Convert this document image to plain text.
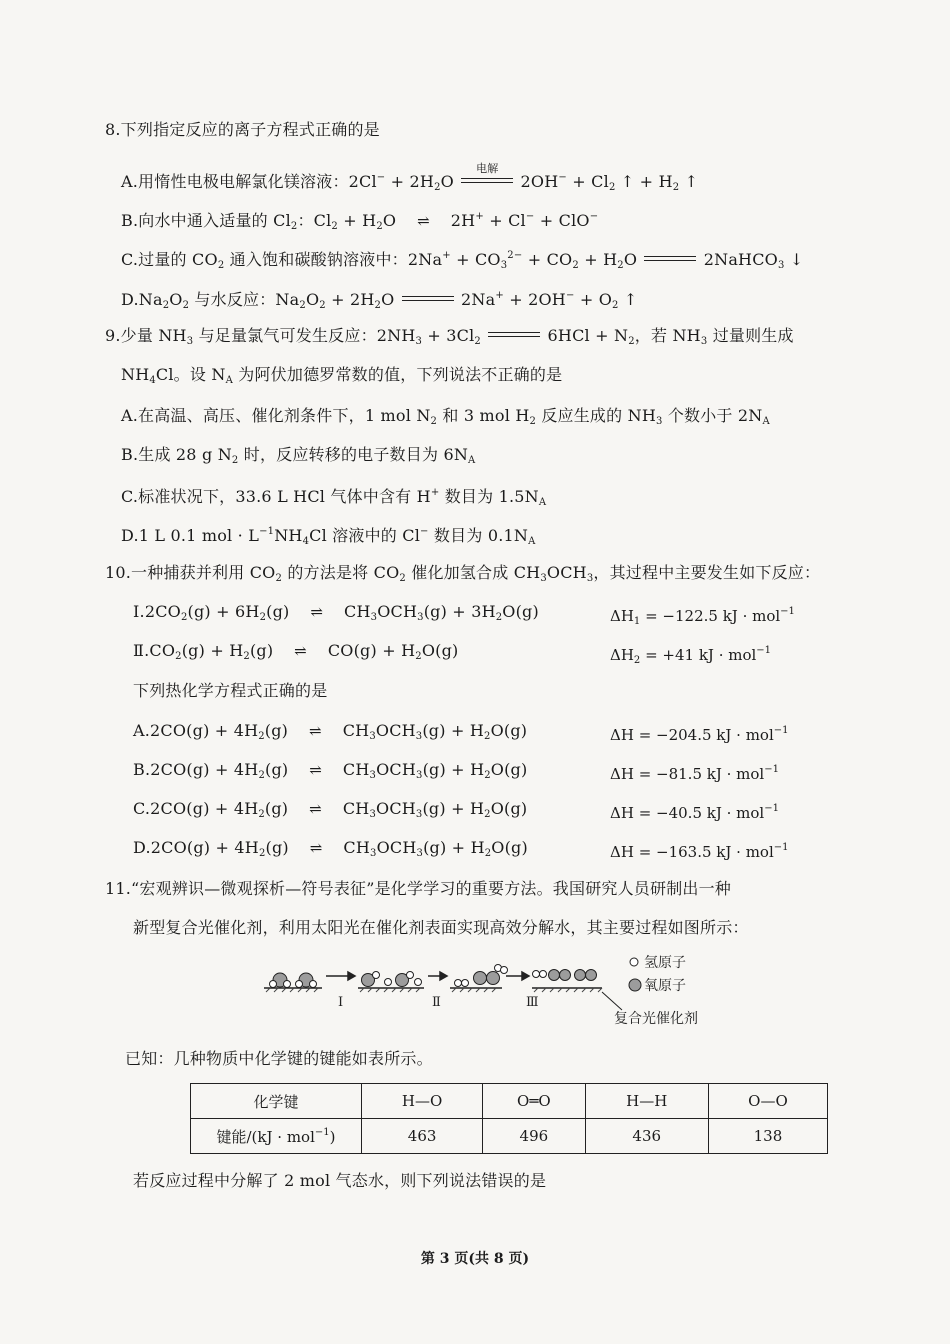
8.下列指定反应的离子方程式正确的是
A.用惰性电极电解氯化镁溶液：$2Cl^- + 2H_2O$
电解
$2OH^- + Cl_2$ ↑ + $H_2$ ↑
B.向水中通入适量的 $Cl_2$：$Cl_2 + H_2O$ ⇌ 2H+ + Cl− + ClO−
C.过量的 $CO_2$ 通入饱和碳酸钠溶液中：$2Na^+ + CO_3^{2-} + CO_2 + H_2O$	2NaHCO$_3$ ↓
$D.Na_2O_2$ 与水反应：$Na_2O_2 + 2H_2O$	$2Na^+ + 2OH^- + O_2$ ↑
9.少量 $NH_3$ 与足量氯气可发生反应：$2NH_3 + 3Cl_2$	$6HCl + N_2$，若 $NH_3$ 过量则生成
$NH_4Cl$。设 $N_A$ 为阿伏加德罗常数的值，下列说法不正确的是
A.在高温、高压、催化剂条件下，1 mol $N_2$ 和 3 mol $H_2$ 反应生成的 $NH_3$ 个数小于 $2N_A$
B.生成 28 g $N_2$ 时，反应转移的电子数目为 $6N_A$
C.标准状况下，33.6 L HCl 气体中含有 H+ 数目为 $1.5N_A$
D.1 L 0.1 mol · $L^{-1}NH_4Cl$ 溶液中的 Cl− 数目为 $0.1N_A$
10.一种捕获并利用 $CO_2$ 的方法是将 $CO_2$ 催化加氢合成 $CH_3OCH_3$，其过程中主要发生如下反应：
$Ⅰ.2CO_2(g) + 6H_2(g)$ ⇌ $CH_3OCH_3(g) + 3H_2O(g)$	$\Delta H_1 = -122.5$ kJ · mol$^{-1}$
$Ⅱ.CO_2(g) + H_2(g)$ ⇌ $CO(g) + H_2O(g)$	$\Delta H_2 = +41$ kJ · mol$^{-1}$
下列热化学方程式正确的是
$A.2CO(g) + 4H_2(g)$ ⇌ $CH_3OCH_3(g) + H_2O(g)$	ΔH = −204.5 kJ · mol$^{-1}$
$B.2CO(g) + 4H_2(g)$ ⇌ $CH_3OCH_3(g) + H_2O(g)$	ΔH = −81.5 kJ · mol$^{-1}$
$C.2CO(g) + 4H_2(g)$ ⇌ $CH_3OCH_3(g) + H_2O(g)$	ΔH = −40.5 kJ · mol$^{-1}$
$D.2CO(g) + 4H_2(g)$ ⇌ $CH_3OCH_3(g) + H_2O(g)$	ΔH = −163.5 kJ · mol$^{-1}$
11.“宏观辨识—微观探析—符号表征”是化学学习的重要方法。我国研究人员研制出一种
新型复合光催化剂，利用太阳光在催化剂表面实现高效分解水，其主要过程如图所示：
Ⅰ	Ⅱ	Ⅲ
氢原子
氧原子
复合光催化剂
已知：几种物质中化学键的键能如表所示。
化学键	H—O	O═O	H—H	O—O
键能/(kJ · mol$^{-1}$)	463	496	436	138
若反应过程中分解了 2 mol 气态水，则下列说法错误的是
第 3 页(共 8 页)
